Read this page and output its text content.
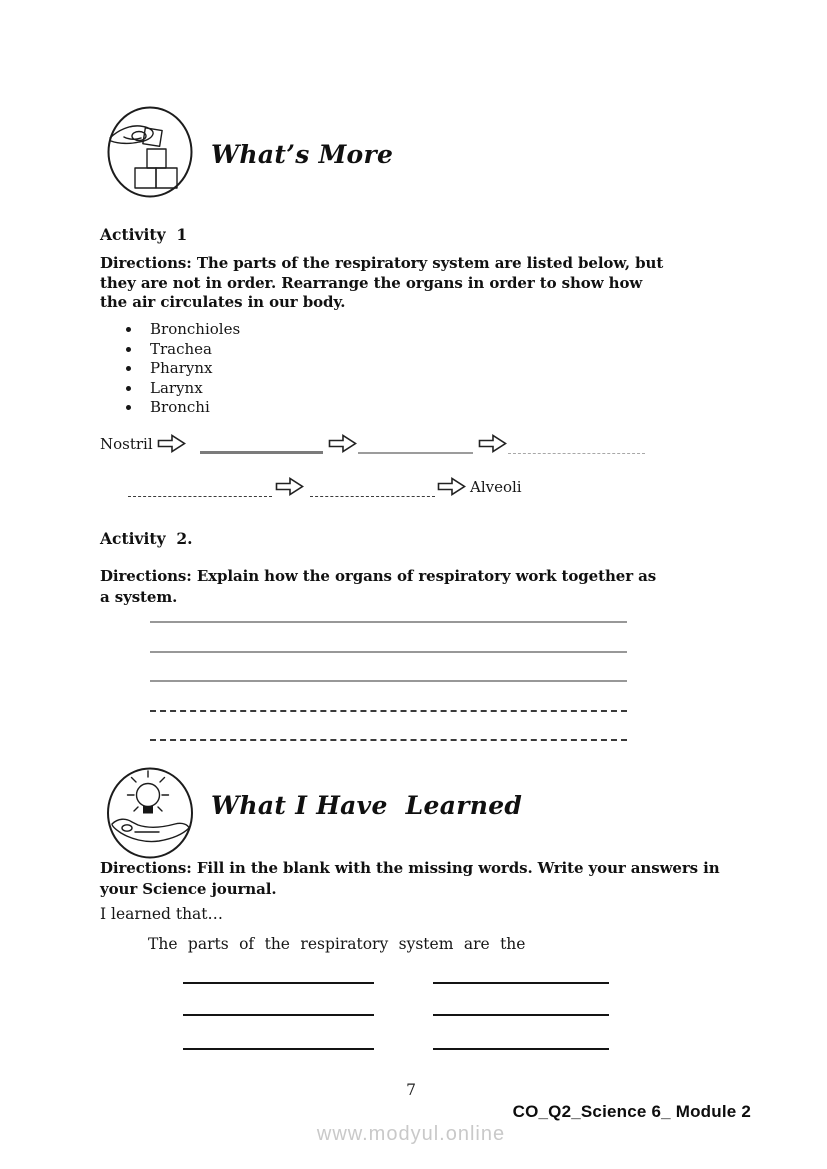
What’s More
Activity  1
Directions: The parts of the respiratory system are listed below, but
they are not in order. Rearrange the organs in order to show how
the air circulates in our body.
• Bronchioles
• Trachea
• Pharynx
• Larynx
• Bronchi
Nostril
Alveoli
Activity  2.
Directions: Explain how the organs of respiratory work together as
a system.
What I Have  Learned
Directions: Fill in the blank with the missing words. Write your answers in
your Science journal.
I learned that…
The parts of the respiratory system are the
7
CO_Q2_Science 6_ Module 2
www.modyul.online
